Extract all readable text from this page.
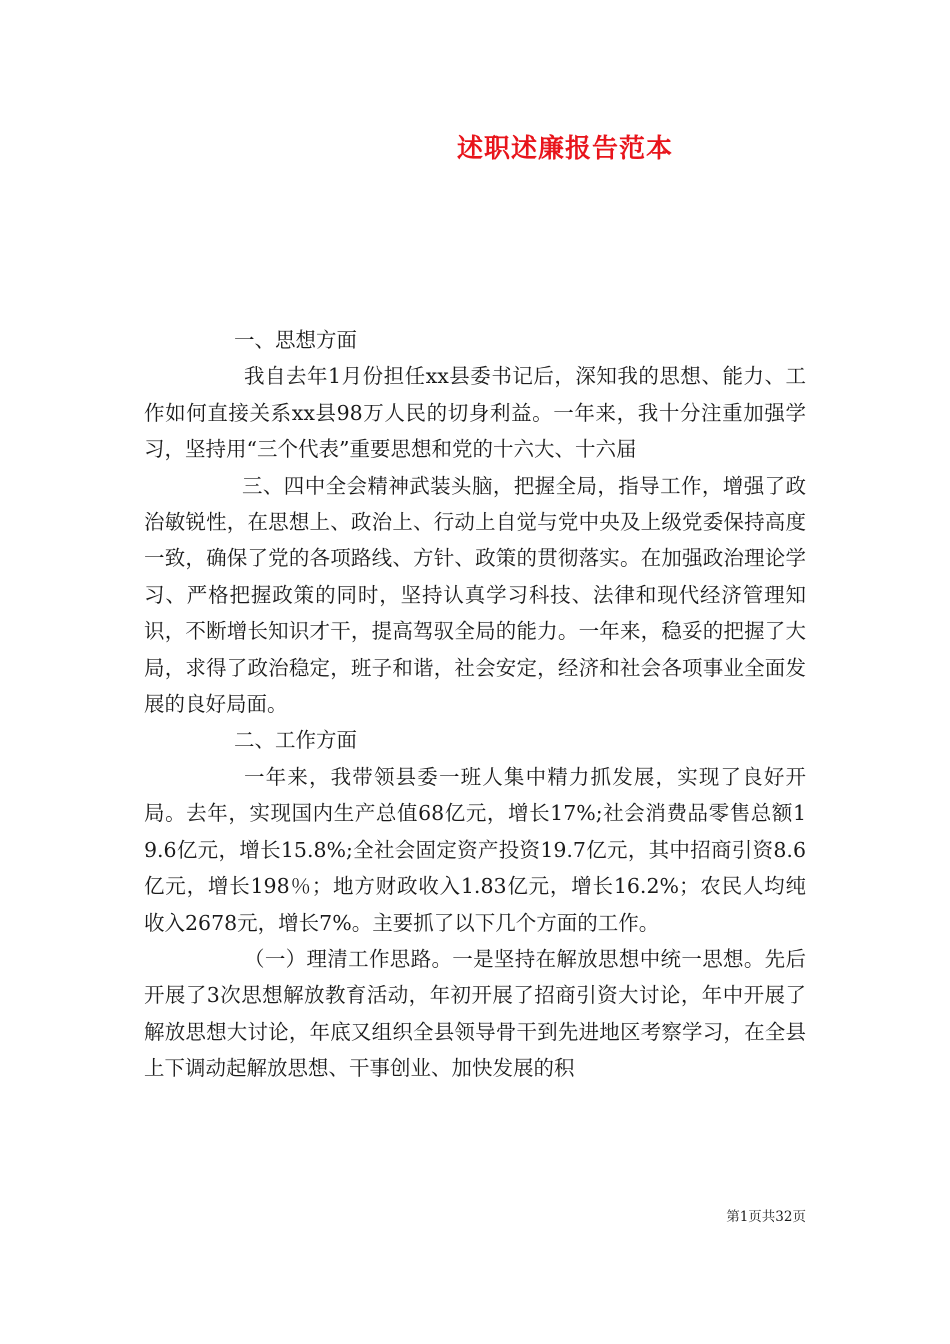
述职述廉报告范本

一、思想方面

我自去年1月份担任xx县委书记后，深知我的思想、能力、工作如何直接关系xx县98万人民的切身利益。一年来，我十分注重加强学习，坚持用“三个代表”重要思想和党的十六大、十六届

三、四中全会精神武装头脑，把握全局，指导工作，增强了政治敏锐性，在思想上、政治上、行动上自觉与党中央及上级党委保持高度一致，确保了党的各项路线、方针、政策的贯彻落实。在加强政治理论学习、严格把握政策的同时，坚持认真学习科技、法律和现代经济管理知识，不断增长知识才干，提高驾驭全局的能力。一年来，稳妥的把握了大局，求得了政治稳定，班子和谐，社会安定，经济和社会各项事业全面发展的良好局面。

二、工作方面

一年来，我带领县委一班人集中精力抓发展，实现了良好开局。去年，实现国内生产总值68亿元，增长17%;社会消费品零售总额19.6亿元，增长15.8%;全社会固定资产投资19.7亿元，其中招商引资8.6亿元，增长198％；地方财政收入1.83亿元，增长16.2%；农民人均纯收入2678元，增长7%。主要抓了以下几个方面的工作。

（一）理清工作思路。一是坚持在解放思想中统一思想。先后开展了3次思想解放教育活动，年初开展了招商引资大讨论，年中开展了解放思想大讨论，年底又组织全县领导骨干到先进地区考察学习，在全县上下调动起解放思想、干事创业、加快发展的积

第1页共32页
